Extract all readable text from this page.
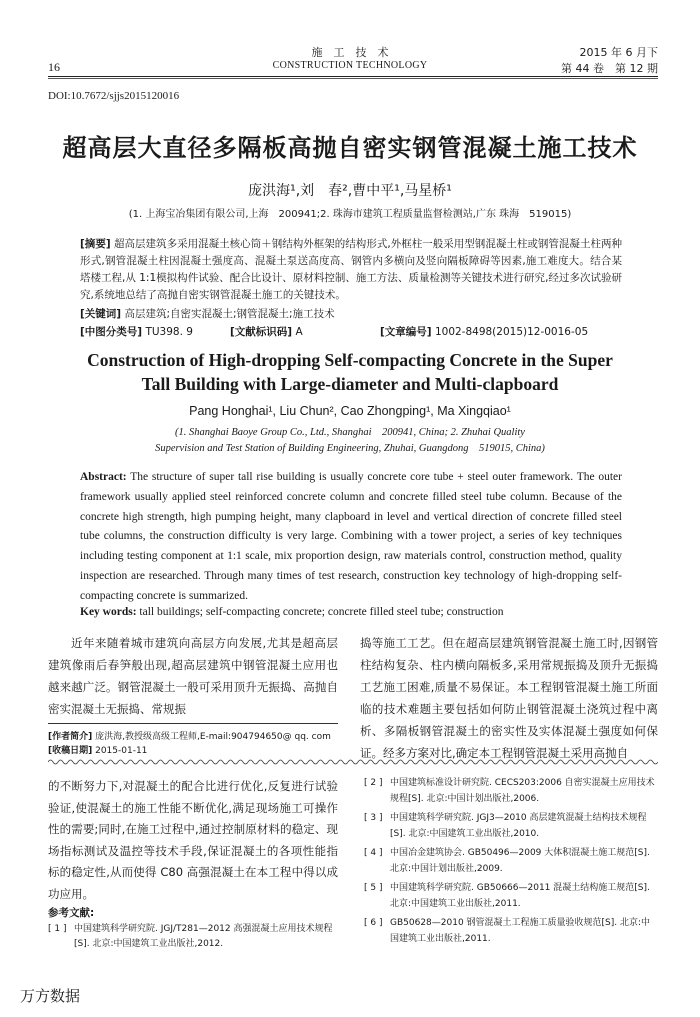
16
施　工　技　术
CONSTRUCTION TECHNOLOGY
2015 年 6 月下
第 44 卷　第 12 期
DOI:10.7672/sjjs2015120016
超高层大直径多隔板高抛自密实钢管混凝土施工技术
庞洪海¹,刘　春²,曹中平¹,马星桥¹
(1. 上海宝冶集团有限公司,上海　200941;2. 珠海市建筑工程质量监督检测站,广东 珠海　519015)
[摘要] 超高层建筑多采用混凝土核心筒＋钢结构外框架的结构形式,外框柱一般采用型钢混凝土柱或钢管混凝土柱两种形式,钢管混凝土柱因混凝土强度高、混凝土泵送高度高、钢管内多横向及竖向隔板障碍等因素,施工难度大。结合某塔楼工程,从 1:1模拟构件试验、配合比设计、原材料控制、施工方法、质量检测等关键技术进行研究,经过多次试验研究,系统地总结了高抛自密实钢管混凝土施工的关键技术。
[关键词] 高层建筑;自密实混凝土;钢管混凝土;施工技术
[中图分类号] TU398. 9	[文献标识码] A	[文章编号] 1002-8498(2015)12-0016-05
Construction of High-dropping Self-compacting Concrete in the Super
Tall Building with Large-diameter and Multi-clapboard
Pang Honghai¹, Liu Chun², Cao Zhongping¹, Ma Xingqiao¹
(1. Shanghai Baoye Group Co., Ltd., Shanghai　200941, China; 2. Zhuhai Quality
Supervision and Test Station of Building Engineering, Zhuhai, Guangdong　519015, China)
Abstract: The structure of super tall rise building is usually concrete core tube + steel outer framework. The outer framework usually applied steel reinforced concrete column and concrete filled steel tube column. Because of the concrete high strength, high pumping height, many clapboard in level and vertical direction of concrete filled steel tube columns, the construction difficulty is very large. Combining with a tower project, a series of key techniques including testing component at 1:1 scale, mix proportion design, raw materials control, construction method, quality inspection are researched. Through many times of test research, construction key technology of high-dropping self-compacting concrete is summarized.
Key words: tall buildings; self-compacting concrete; concrete filled steel tube; construction

近年来随着城市建筑向高层方向发展,尤其是超高层建筑像雨后春笋般出现,超高层建筑中钢管混凝土应用也越来越广泛。钢管混凝土一般可采用顶升无振捣、高抛自密实混凝土无振捣、常规振

捣等施工工艺。但在超高层建筑钢管混凝土施工时,因钢管柱结构复杂、柱内横向隔板多,采用常规振捣及顶升无振捣工艺施工困难,质量不易保证。本工程钢管混凝土施工所面临的技术难题主要包括如何防止钢管混凝土浇筑过程中离析、多隔板钢管混凝土的密实性及实体混凝土强度如何保证。经多方案对比,确定本工程钢管混凝土采用高抛自

[作者简介] 庞洪海,教授级高级工程师,E-mail:904794650@ qq. com
[收稿日期] 2015-01-11
的不断努力下,对混凝土的配合比进行优化,反复进行试验验证,使混凝土的施工性能不断优化,满足现场施工可操作性的需要;同时,在施工过程中,通过控制原材料的稳定、现场指标测试及温控等技术手段,保证混凝土的各项性能指标的稳定性,从而使得 C80 高强混凝土在本工程中得以成功应用。
参考文献:
[ 1 ] 中国建筑科学研究院. JGJ/T281—2012 高强混凝土应用技术规程[S]. 北京:中国建筑工业出版社,2012.
[ 2 ] 中国建筑标准设计研究院. CECS203:2006 自密实混凝土应用技术规程[S]. 北京:中国计划出版社,2006.
[ 3 ] 中国建筑科学研究院. JGJ3—2010 高层建筑混凝土结构技术规程[S]. 北京:中国建筑工业出版社,2010.
[ 4 ] 中国冶金建筑协会. GB50496—2009 大体积混凝土施工规范[S]. 北京:中国计划出版社,2009.
[ 5 ] 中国建筑科学研究院. GB50666—2011 混凝土结构施工规范[S]. 北京:中国建筑工业出版社,2011.
[ 6 ] GB50628—2010 钢管混凝土工程施工质量验收规范[S]. 北京:中国建筑工业出版社,2011.
万方数据
